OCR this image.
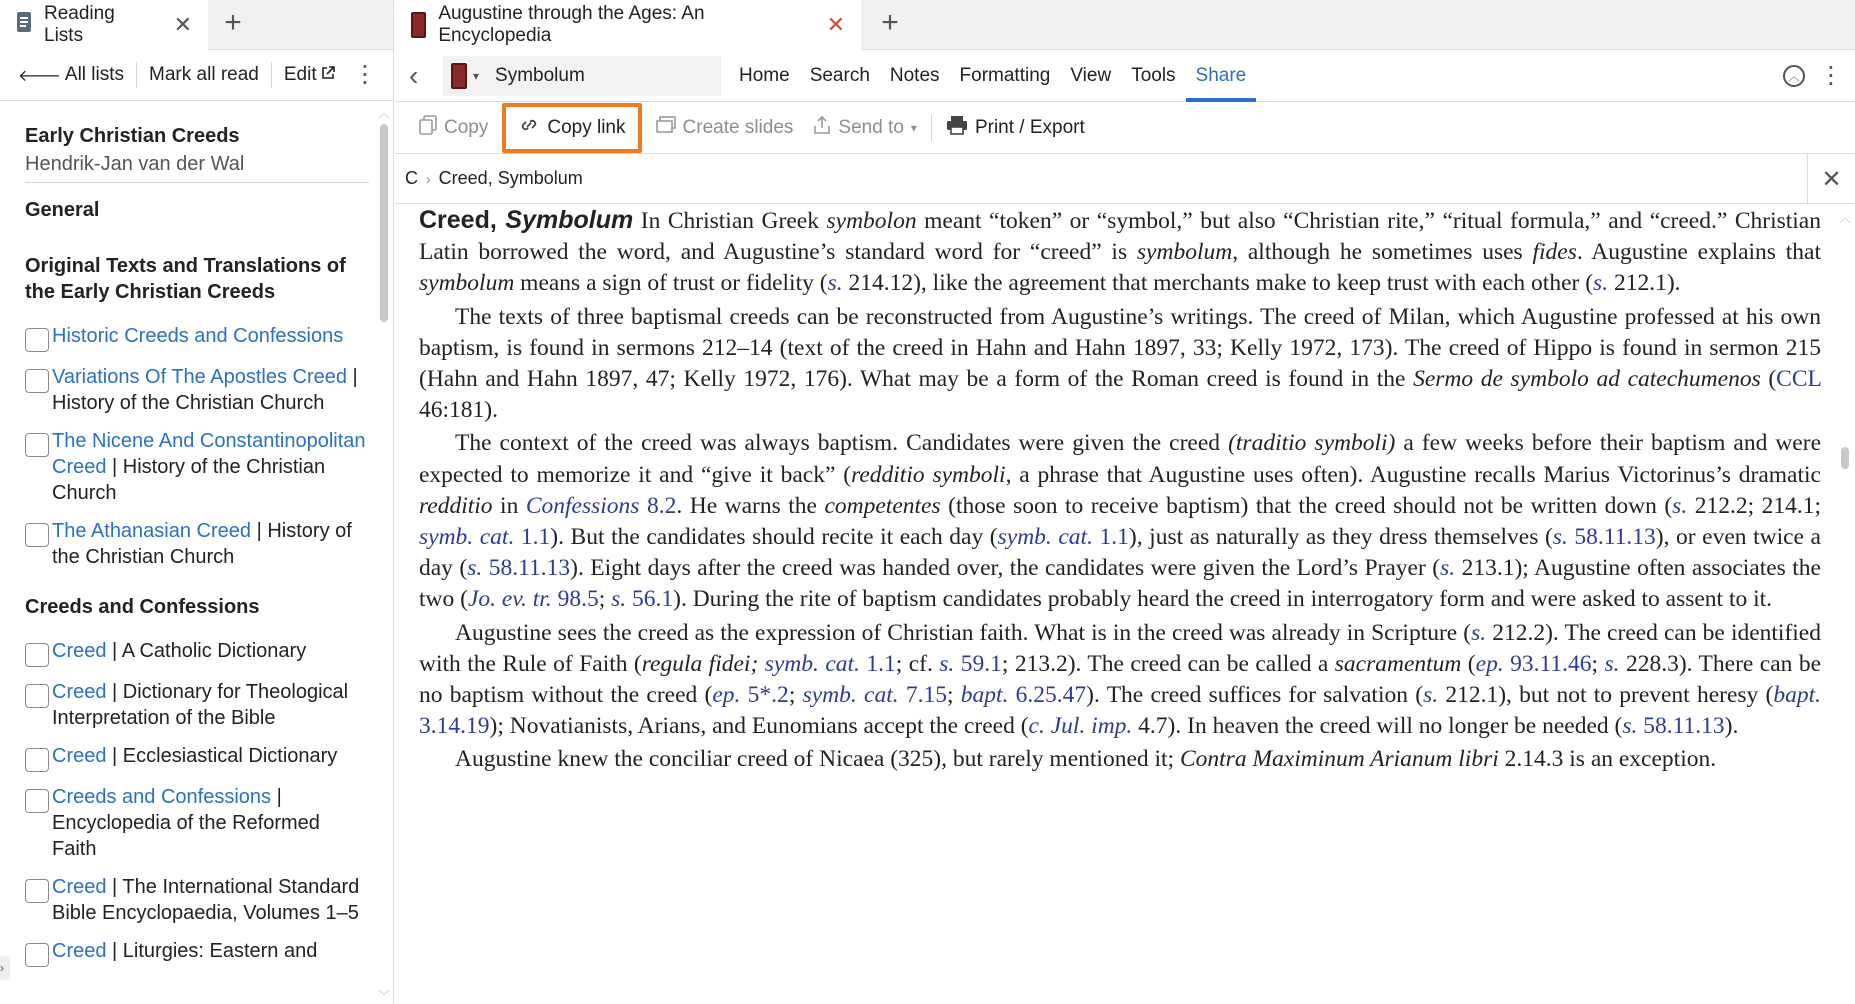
Reading Lists	✕ +
🡐 All lists Mark all read Edit ⋮
Early Christian Creeds
Hendrik-Jan van der Wal
General
Original Texts and Translations of the Early Christian Creeds
Historic Creeds and Confessions
Variations Of The Apostles Creed | History of the Christian Church
The Nicene And Constantinopolitan Creed | History of the Christian Church
The Athanasian Creed | History of the Christian Church
Creeds and Confessions
Creed | A Catholic Dictionary
Creed | Dictionary for Theological Interpretation of the Bible
Creed | Ecclesiastical Dictionary
Creeds and Confessions | Encyclopedia of the Reformed Faith
Creed | The International Standard Bible Encyclopaedia, Volumes 1–5
Creed | Liturgies: Eastern and
︿
﹀
›
Augustine through the Ages: An Encyclopedia	✕ +
‹	▾ Symbolum	Home Search Notes Formatting View Tools Share	︿ ⋮
Copy	Copy link	Create slides Send to ▾	Print / Export
C › Creed, Symbolum	✕

Creed, Symbolum In Christian Greek symbolon meant “token” or “symbol,” but also “Christian rite,” “ritual formula,” and “creed.” Christian Latin borrowed the word, and Augustine’s standard word for “creed” is symbolum, although he sometimes uses fides. Augustine explains that symbolum means a sign of trust or fidelity (s. 214.12), like the agreement that merchants make to keep trust with each other (s. 212.1).

The texts of three baptismal creeds can be reconstructed from Augustine’s writings. The creed of Milan, which Augustine professed at his own baptism, is found in sermons 212–14 (text of the creed in Hahn and Hahn 1897, 33; Kelly 1972, 173). The creed of Hippo is found in sermon 215 (Hahn and Hahn 1897, 47; Kelly 1972, 176). What may be a form of the Roman creed is found in the Sermo de symbolo ad catechumenos (CCL 46:181).

The context of the creed was always baptism. Candidates were given the creed (traditio symboli) a few weeks before their baptism and were expected to memorize it and “give it back” (redditio symboli, a phrase that Augustine uses often). Augustine recalls Marius Victorinus’s dramatic redditio in Confessions 8.2. He warns the competentes (those soon to receive baptism) that the creed should not be written down (s. 212.2; 214.1; symb. cat. 1.1). But the candidates should recite it each day (symb. cat. 1.1), just as naturally as they dress themselves (s. 58.11.13), or even twice a day (s. 58.11.13). Eight days after the creed was handed over, the candidates were given the Lord’s Prayer (s. 213.1); Augustine often associates the two (Jo. ev. tr. 98.5; s. 56.1). During the rite of baptism candidates probably heard the creed in interrogatory form and were asked to assent to it.

Augustine sees the creed as the expression of Christian faith. What is in the creed was already in Scripture (s. 212.2). The creed can be identified with the Rule of Faith (regula fidei; symb. cat. 1.1; cf. s. 59.1; 213.2). The creed can be called a sacramentum (ep. 93.11.46; s. 228.3). There can be no baptism without the creed (ep. 5*.2; symb. cat. 7.15; bapt. 6.25.47). The creed suffices for salvation (s. 212.1), but not to prevent heresy (bapt. 3.14.19); Novatianists, Arians, and Eunomians accept the creed (c. Jul. imp. 4.7). In heaven the creed will no longer be needed (s. 58.11.13).

Augustine knew the conciliar creed of Nicaea (325), but rarely mentioned it; Contra Maximinum Arianum libri 2.14.3 is an exception.

︿
